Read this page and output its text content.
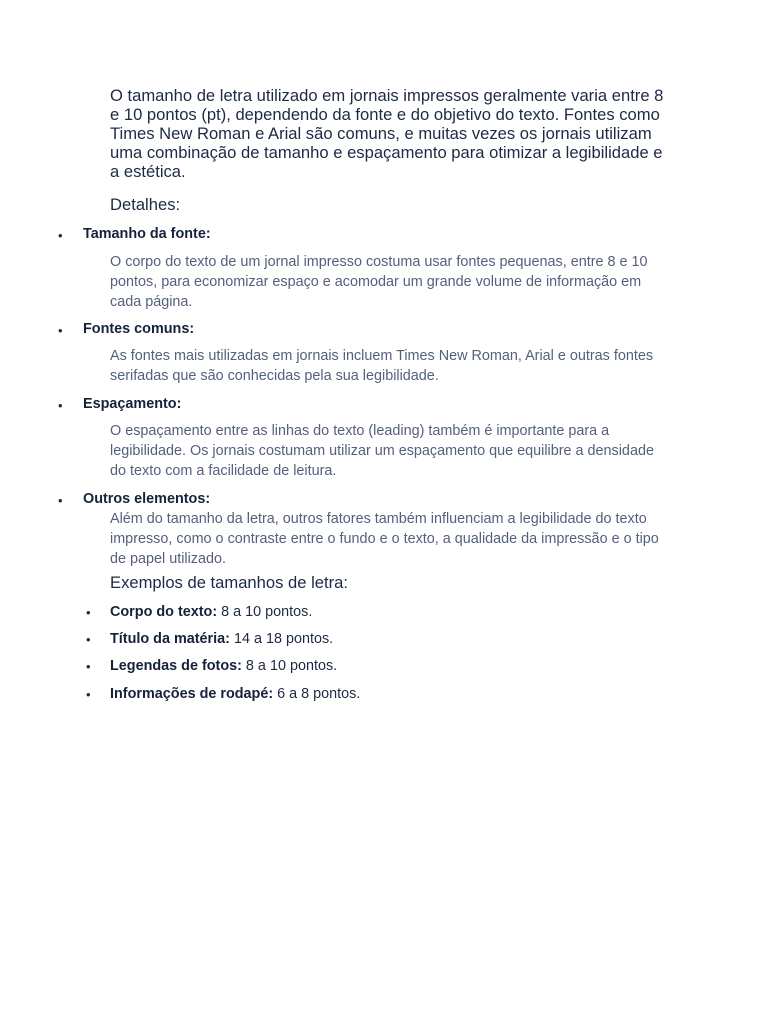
O tamanho de letra utilizado em jornais impressos geralmente varia entre 8 e 10 pontos (pt), dependendo da fonte e do objetivo do texto. Fontes como Times New Roman e Arial são comuns, e muitas vezes os jornais utilizam uma combinação de tamanho e espaçamento para otimizar a legibilidade e a estética.

Detalhes:
• Tamanho da fonte:

O corpo do texto de um jornal impresso costuma usar fontes pequenas, entre 8 e 10 pontos, para economizar espaço e acomodar um grande volume de informação em cada página.

• Fontes comuns:

As fontes mais utilizadas em jornais incluem Times New Roman, Arial e outras fontes serifadas que são conhecidas pela sua legibilidade.

• Espaçamento:

O espaçamento entre as linhas do texto (leading) também é importante para a legibilidade. Os jornais costumam utilizar um espaçamento que equilibre a densidade do texto com a facilidade de leitura.

• Outros elementos:

Além do tamanho da letra, outros fatores também influenciam a legibilidade do texto impresso, como o contraste entre o fundo e o texto, a qualidade da impressão e o tipo de papel utilizado.

Exemplos de tamanhos de letra:
• Corpo do texto: 8 a 10 pontos.

• Título da matéria: 14 a 18 pontos.

• Legendas de fotos: 8 a 10 pontos.

• Informações de rodapé: 6 a 8 pontos.
